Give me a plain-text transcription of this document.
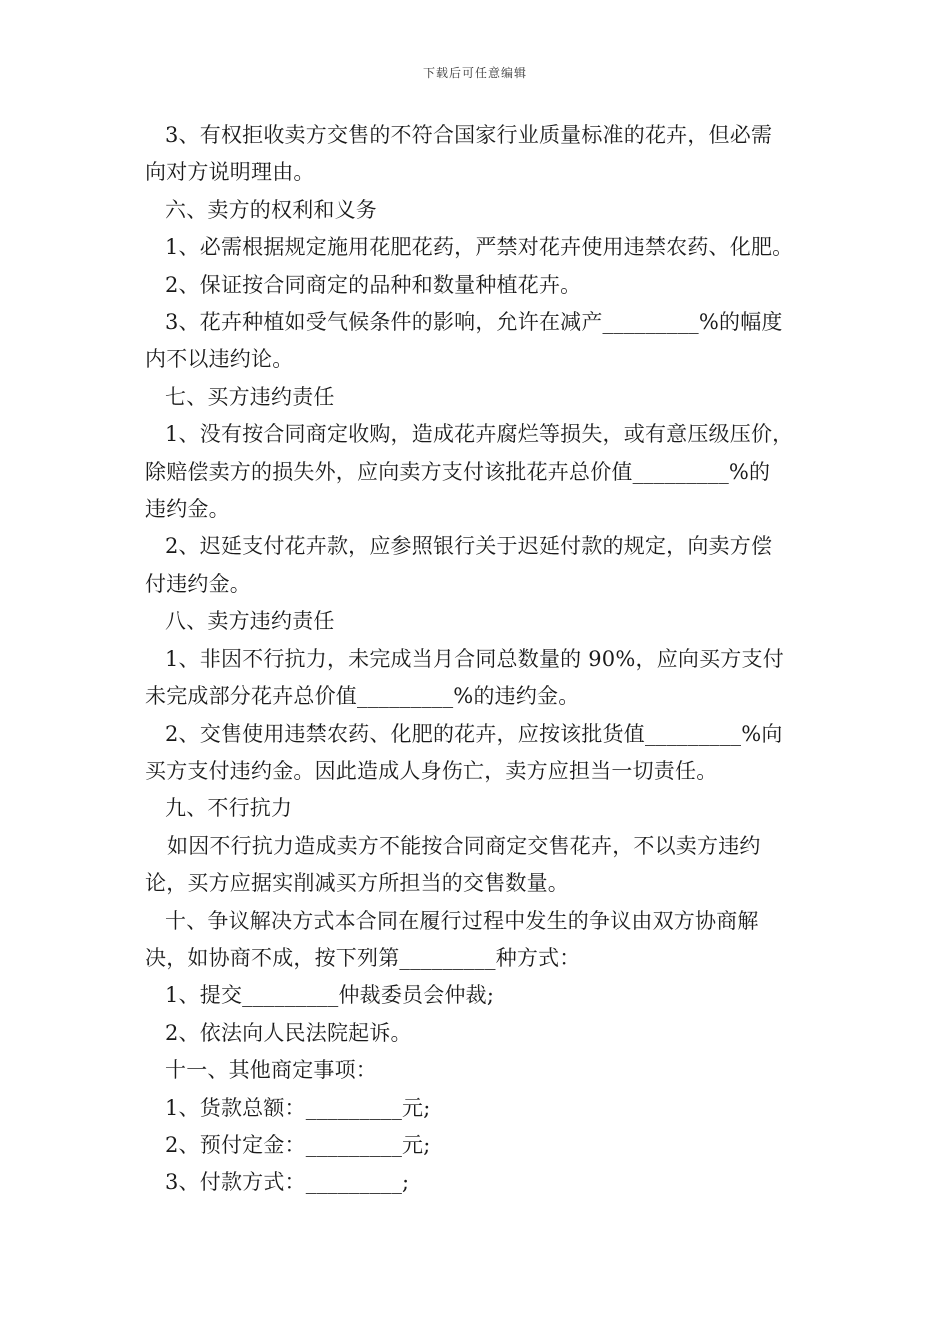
下载后可任意编辑
3、有权拒收卖方交售的不符合国家行业质量标准的花卉，但必需
向对方说明理由。
六、卖方的权利和义务
1、必需根据规定施用花肥花药，严禁对花卉使用违禁农药、化肥。
2、保证按合同商定的品种和数量种植花卉。
3、花卉种植如受气候条件的影响，允许在减产_________%的幅度
内不以违约论。
七、买方违约责任
1、没有按合同商定收购，造成花卉腐烂等损失，或有意压级压价，
除赔偿卖方的损失外，应向卖方支付该批花卉总价值_________%的
违约金。
2、迟延支付花卉款，应参照银行关于迟延付款的规定，向卖方偿
付违约金。
八、卖方违约责任
1、非因不行抗力，未完成当月合同总数量的 90%，应向买方支付
未完成部分花卉总价值_________%的违约金。
2、交售使用违禁农药、化肥的花卉，应按该批货值_________%向
买方支付违约金。因此造成人身伤亡，卖方应担当一切责任。
九、不行抗力
如因不行抗力造成卖方不能按合同商定交售花卉，不以卖方违约
论，买方应据实削减买方所担当的交售数量。
十、争议解决方式本合同在履行过程中发生的争议由双方协商解
决，如协商不成，按下列第_________种方式：
1、提交_________仲裁委员会仲裁;
2、依法向人民法院起诉。
十一、其他商定事项：
1、货款总额：_________元;
2、预付定金：_________元;
3、付款方式：_________;
